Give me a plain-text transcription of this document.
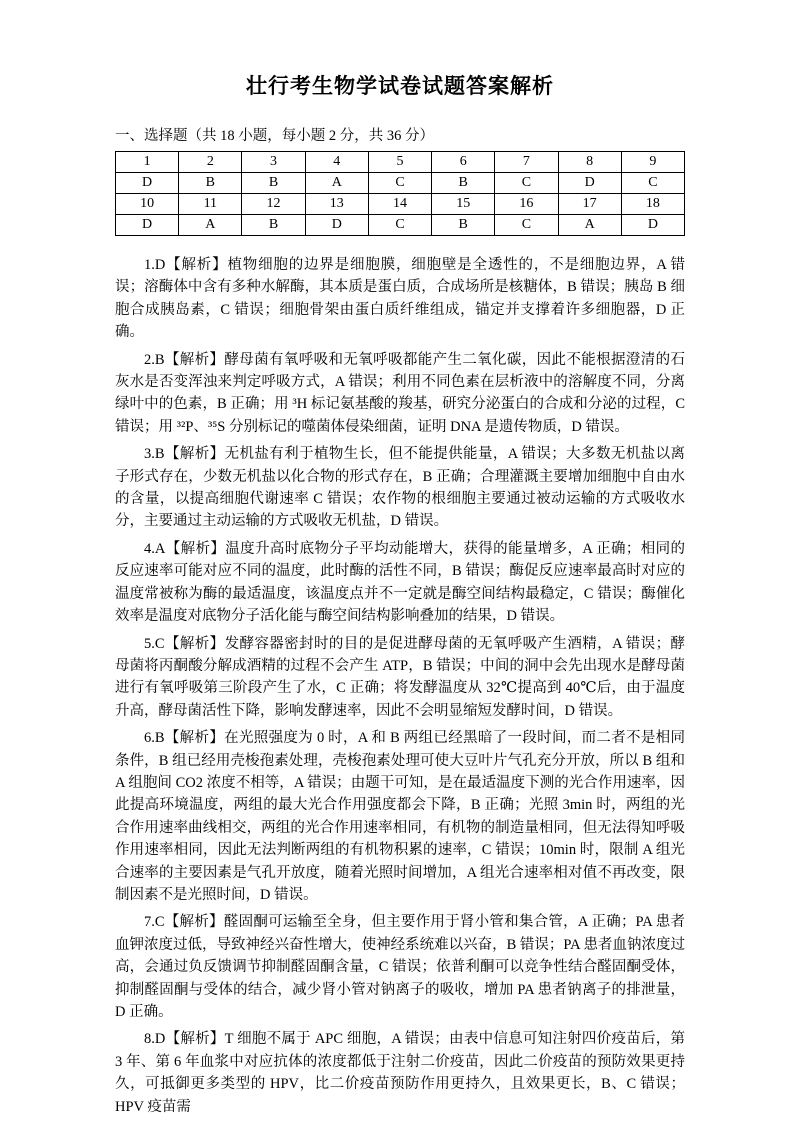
壮行考生物学试卷试题答案解析
一、选择题（共 18 小题，每小题 2 分，共 36 分）
1	2	3	4	5	6	7	8	9
D	B	B	A	C	B	C	D	C
10	11	12	13	14	15	16	17	18
D	A	B	D	C	B	C	A	D

1.D【解析】植物细胞的边界是细胞膜，细胞壁是全透性的，不是细胞边界，A 错误；溶酶体中含有多种水解酶，其本质是蛋白质，合成场所是核糖体，B 错误；胰岛 B 细胞合成胰岛素，C 错误；细胞骨架由蛋白质纤维组成，锚定并支撑着许多细胞器，D 正确。

2.B【解析】酵母菌有氧呼吸和无氧呼吸都能产生二氧化碳，因此不能根据澄清的石灰水是否变浑浊来判定呼吸方式，A 错误；利用不同色素在层析液中的溶解度不同，分离绿叶中的色素，B 正确；用 ³H 标记氨基酸的羧基，研究分泌蛋白的合成和分泌的过程，C 错误；用 ³²P、³⁵S 分别标记的噬菌体侵染细菌，证明 DNA 是遗传物质，D 错误。

3.B【解析】无机盐有利于植物生长，但不能提供能量，A 错误；大多数无机盐以离子形式存在，少数无机盐以化合物的形式存在，B 正确；合理灌溉主要增加细胞中自由水的含量，以提高细胞代谢速率 C 错误；农作物的根细胞主要通过被动运输的方式吸收水分，主要通过主动运输的方式吸收无机盐，D 错误。

4.A【解析】温度升高时底物分子平均动能增大，获得的能量增多，A 正确；相同的反应速率可能对应不同的温度，此时酶的活性不同，B 错误；酶促反应速率最高时对应的温度常被称为酶的最适温度，该温度点并不一定就是酶空间结构最稳定，C 错误；酶催化效率是温度对底物分子活化能与酶空间结构影响叠加的结果，D 错误。

5.C【解析】发酵容器密封时的目的是促进酵母菌的无氧呼吸产生酒精，A 错误；酵母菌将丙酮酸分解成酒精的过程不会产生 ATP，B 错误；中间的洞中会先出现水是酵母菌进行有氧呼吸第三阶段产生了水，C 正确；将发酵温度从 32℃提高到 40℃后，由于温度升高，酵母菌活性下降，影响发酵速率，因此不会明显缩短发酵时间，D 错误。

6.B【解析】在光照强度为 0 时，A 和 B 两组已经黑暗了一段时间，而二者不是相同条件，B 组已经用壳梭孢素处理，壳梭孢素处理可使大豆叶片气孔充分开放，所以 B 组和 A 组胞间 CO2 浓度不相等，A 错误；由题干可知，是在最适温度下测的光合作用速率，因此提高环境温度，两组的最大光合作用强度都会下降，B 正确；光照 3min 时，两组的光合作用速率曲线相交，两组的光合作用速率相同，有机物的制造量相同，但无法得知呼吸作用速率相同，因此无法判断两组的有机物积累的速率，C 错误；10min 时，限制 A 组光合速率的主要因素是气孔开放度，随着光照时间增加，A 组光合速率相对值不再改变，限制因素不是光照时间，D 错误。

7.C【解析】醛固酮可运输至全身，但主要作用于肾小管和集合管，A 正确；PA 患者血钾浓度过低，导致神经兴奋性增大，使神经系统难以兴奋，B 错误；PA 患者血钠浓度过高，会通过负反馈调节抑制醛固酮含量，C 错误；依普利酮可以竞争性结合醛固酮受体，抑制醛固酮与受体的结合，减少肾小管对钠离子的吸收，增加 PA 患者钠离子的排泄量，D 正确。

8.D【解析】T 细胞不属于 APC 细胞，A 错误；由表中信息可知注射四价疫苗后，第 3 年、第 6 年血浆中对应抗体的浓度都低于注射二价疫苗，因此二价疫苗的预防效果更持久，可抵御更多类型的 HPV，比二价疫苗预防作用更持久，且效果更长，B、C 错误；HPV 疫苗需
